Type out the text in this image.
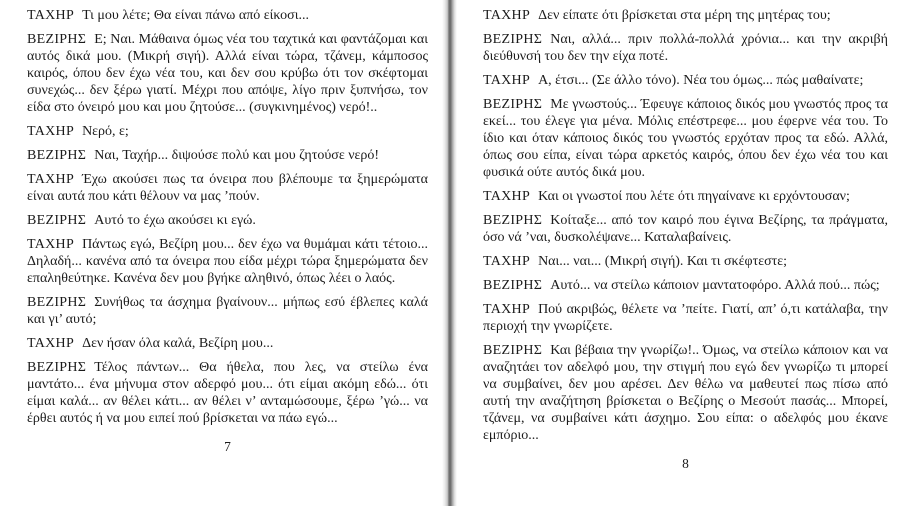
ΤΑΧΗΡ Τι μου λέτε; Θα είναι πάνω από είκοσι...

ΒΕΖΙΡΗΣ Ε; Ναι. Μάθαινα όμως νέα του ταχτικά και φαντάζομαι και αυτός δικά μου. (Μικρή σιγή). Αλλά είναι τώρα, τζάνεμ, κάμποσος καιρός, όπου δεν έχω νέα του, και δεν σου κρύβω ότι τον σκέφτομαι συνεχώς... δεν ξέρω γιατί. Μέχρι που απόψε, λίγο πριν ξυπνήσω, τον είδα στο όνειρό μου και μου ζητούσε... (συγκινημένος) νερό!..

ΤΑΧΗΡ Νερό, ε;

ΒΕΖΙΡΗΣ Ναι, Ταχήρ... διψούσε πολύ και μου ζητούσε νερό!

ΤΑΧΗΡ Έχω ακούσει πως τα όνειρα που βλέπουμε τα ξημερώματα είναι αυτά που κάτι θέλουν να μας ’πούν.

ΒΕΖΙΡΗΣ Αυτό το έχω ακούσει κι εγώ.

ΤΑΧΗΡ Πάντως εγώ, Βεζίρη μου... δεν έχω να θυμάμαι κάτι τέτοιο... Δηλαδή... κανένα από τα όνειρα που είδα μέχρι τώρα ξημερώματα δεν επαληθεύτηκε. Κανένα δεν μου βγήκε αληθινό, όπως λέει ο λαός.

ΒΕΖΙΡΗΣ Συνήθως τα άσχημα βγαίνουν... μήπως εσύ έβλεπες καλά και γι’ αυτό;

ΤΑΧΗΡ Δεν ήσαν όλα καλά, Βεζίρη μου...

ΒΕΖΙΡΗΣ Τέλος πάντων... Θα ήθελα, που λες, να στείλω ένα μαντάτο... ένα μήνυμα στον αδερφό μου... ότι είμαι ακόμη εδώ... ότι είμαι καλά... αν θέλει κάτι... αν θέλει ν’ ανταμώσουμε, ξέρω ’γώ... να έρθει αυτός ή να μου ειπεί πού βρίσκεται να πάω εγώ...

7

ΤΑΧΗΡ Δεν είπατε ότι βρίσκεται στα μέρη της μητέρας του;

ΒΕΖΙΡΗΣ Ναι, αλλά... πριν πολλά-πολλά χρόνια... και την ακριβή διεύθυνσή του δεν την είχα ποτέ.

ΤΑΧΗΡ Α, έτσι... (Σε άλλο τόνο). Νέα του όμως... πώς μαθαίνατε;

ΒΕΖΙΡΗΣ Με γνωστούς... Έφευγε κάποιος δικός μου γνωστός προς τα εκεί... του έλεγε για μένα. Μόλις επέστρεφε... μου έφερνε νέα του. Το ίδιο και όταν κάποιος δικός του γνωστός ερχόταν προς τα εδώ. Αλλά, όπως σου είπα, είναι τώρα αρκετός καιρός, όπου δεν έχω νέα του και φυσικά ούτε αυτός δικά μου.

ΤΑΧΗΡ Και οι γνωστοί που λέτε ότι πηγαίνανε κι ερχόντουσαν;

ΒΕΖΙΡΗΣ Κοίταξε... από τον καιρό που έγινα Βεζίρης, τα πράγματα, όσο νά ’ναι, δυσκολέψανε... Καταλαβαίνεις.

ΤΑΧΗΡ Ναι... ναι... (Μικρή σιγή). Και τι σκέφτεστε;

ΒΕΖΙΡΗΣ Αυτό... να στείλω κάποιον μαντατοφόρο. Αλλά πού... πώς;

ΤΑΧΗΡ Πού ακριβώς, θέλετε να ’πείτε. Γιατί, απ’ ό,τι κατάλαβα, την περιοχή την γνωρίζετε.

ΒΕΖΙΡΗΣ Και βέβαια την γνωρίζω!.. Όμως, να στείλω κάποιον και να αναζητάει τον αδελφό μου, την στιγμή που εγώ δεν γνωρίζω τι μπορεί να συμβαίνει, δεν μου αρέσει. Δεν θέλω να μαθευτεί πως πίσω από αυτή την αναζήτηση βρίσκεται ο Βεζίρης ο Μεσούτ πασάς... Μπορεί, τζάνεμ, να συμβαίνει κάτι άσχημο. Σου είπα: ο αδελφός μου έκανε εμπόριο...

8
